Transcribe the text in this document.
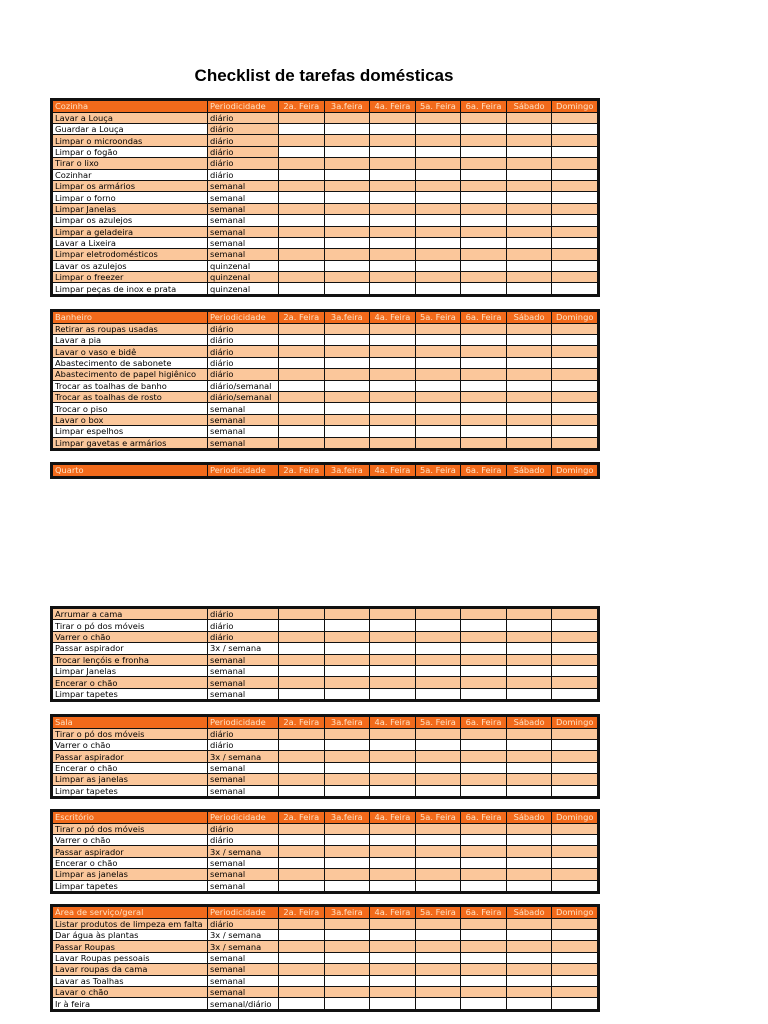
Checklist de tarefas domésticas
Cozinha	Periodicidade	2a. Feira	3a.feira	4a. Feira	5a. Feira	6a. Feira	Sábado	Domingo
Lavar a Louça	diário							
Guardar a Louça	diário							
Limpar o microondas	diário							
Limpar o fogão	diário							
Tirar o lixo	diário							
Cozinhar	diário							
Limpar os armários	semanal							
Limpar o forno	semanal							
Limpar Janelas	semanal							
Limpar os azulejos	semanal							
Limpar a geladeira	semanal							
Lavar a Lixeira	semanal							
Limpar eletrodomésticos	semanal							
Lavar os azulejos	quinzenal							
Limpar o freezer	quinzenal							
Limpar peças de inox e prata	quinzenal							
Banheiro	Periodicidade	2a. Feira	3a.feira	4a. Feira	5a. Feira	6a. Feira	Sábado	Domingo
Retirar as roupas usadas	diário							
Lavar a pia	diário							
Lavar o vaso e bidê	diário							
Abastecimento de sabonete	diário							
Abastecimento de papel higiênico	diário							
Trocar as toalhas de banho	diário/semanal							
Trocar as toalhas de rosto	diário/semanal							
Trocar o piso	semanal							
Lavar o box	semanal							
Limpar espelhos	semanal							
Limpar gavetas e armários	semanal							
Quarto	Periodicidade	2a. Feira	3a.feira	4a. Feira	5a. Feira	6a. Feira	Sábado	Domingo
Arrumar a cama	diário							
Tirar o pó dos móveis	diário							
Varrer o chão	diário							
Passar aspirador	3x / semana							
Trocar lençóis e fronha	semanal							
Limpar Janelas	semanal							
Encerar o chão	semanal							
Limpar tapetes	semanal							
Sala	Periodicidade	2a. Feira	3a.feira	4a. Feira	5a. Feira	6a. Feira	Sábado	Domingo
Tirar o pó dos móveis	diário							
Varrer o chão	diário							
Passar aspirador	3x / semana							
Encerar o chão	semanal							
Limpar as janelas	semanal							
Limpar tapetes	semanal							
Escritório	Periodicidade	2a. Feira	3a.feira	4a. Feira	5a. Feira	6a. Feira	Sábado	Domingo
Tirar o pó dos móveis	diário							
Varrer o chão	diário							
Passar aspirador	3x / semana							
Encerar o chão	semanal							
Limpar as janelas	semanal							
Limpar tapetes	semanal							
Área de serviço/geral	Periodicidade	2a. Feira	3a.feira	4a. Feira	5a. Feira	6a. Feira	Sábado	Domingo
Listar produtos de limpeza em falta	diário							
Dar água às plantas	3x / semana							
Passar Roupas	3x / semana							
Lavar Roupas pessoais	semanal							
Lavar roupas da cama	semanal							
Lavar as Toalhas	semanal							
Lavar o chão	semanal							
Ir à feira	semanal/diário							
